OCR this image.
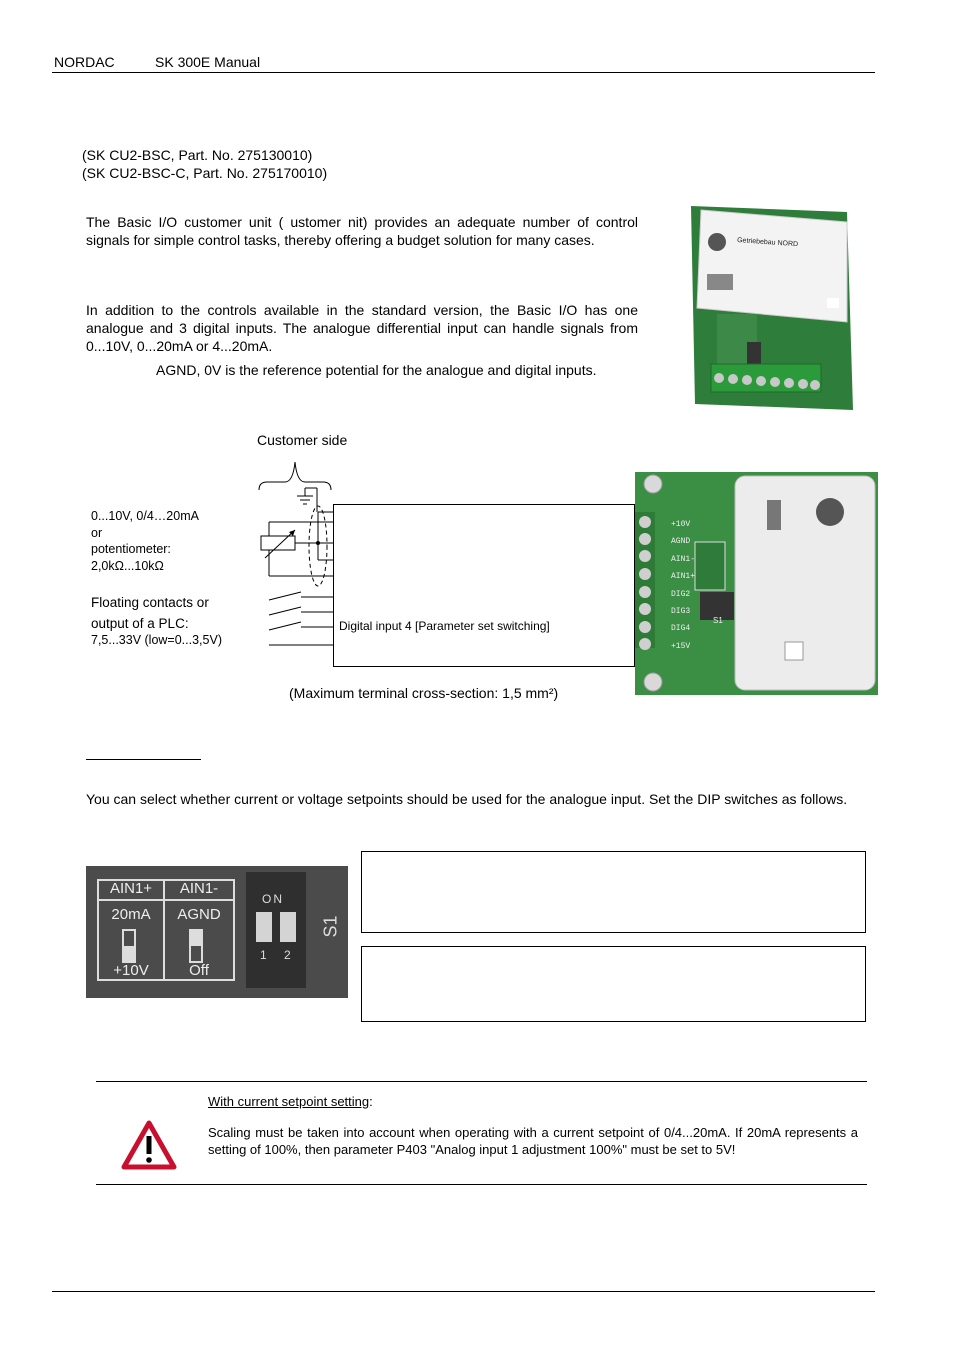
NORDAC	SK 300E Manual
(SK CU2-BSC, Part. No. 275130010)
(SK CU2-BSC-C, Part. No. 275170010)
The Basic I/O customer unit ( ustomer nit) provides an adequate number of control signals for simple control tasks, thereby offering a budget solution for many cases.
In addition to the controls available in the standard version, the Basic I/O has one analogue and 3 digital inputs. The analogue differential input can handle signals from 0...10V, 0...20mA or 4...20mA.
AGND, 0V is the reference potential for the analogue and digital inputs.
Getriebebau NORD
Customer side
0...10V, 0/4…20mA
or
potentiometer:
2,0kΩ...10kΩ
Floating contacts or
output of a PLC:
7,5...33V (low=0...3,5V)
Digital input 4 [Parameter set switching]
(Maximum terminal cross-section: 1,5 mm²)
+10V
AGND
AIN1-
AIN1+
DIG2
DIG3
DIG4
+15V
S1
You can select whether current or voltage setpoints should be used for the analogue input. Set the DIP switches as follows.
AIN1+	AIN1-
20mA	AGND
+10V	Off
ON
1 2
S1
With current setpoint setting:
Scaling must be taken into account when operating with a current setpoint of 0/4...20mA. If 20mA represents a setting of 100%, then parameter P403 "Analog input 1 adjustment 100%" must be set to 5V!
